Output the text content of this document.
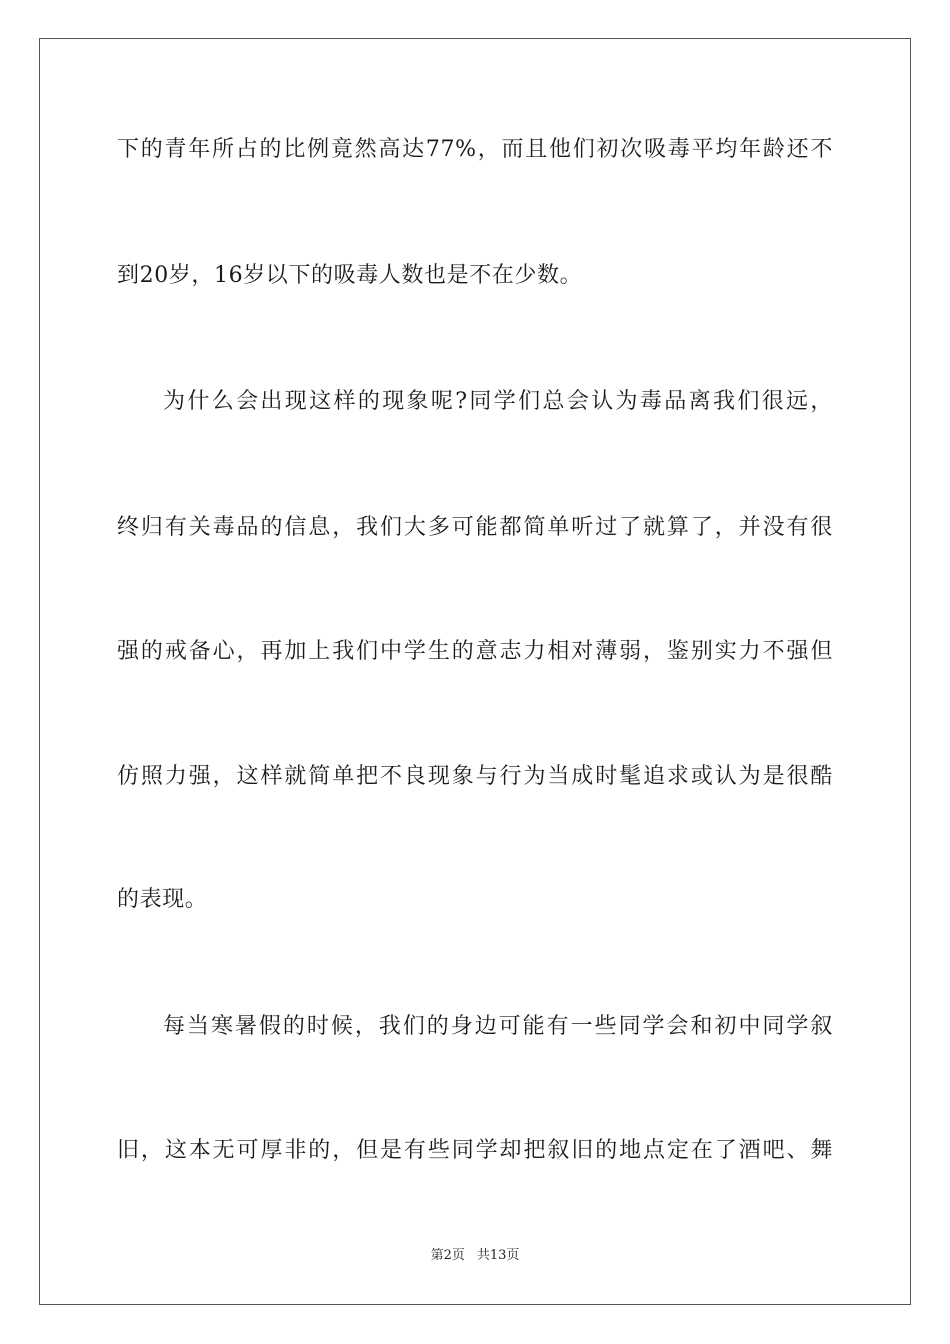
下的青年所占的比例竟然高达77%，而且他们初次吸毒平均年龄还不
到20岁，16岁以下的吸毒人数也是不在少数。
为什么会出现这样的现象呢?同学们总会认为毒品离我们很远，
终归有关毒品的信息，我们大多可能都简单听过了就算了，并没有很
强的戒备心，再加上我们中学生的意志力相对薄弱，鉴别实力不强但
仿照力强，这样就简单把不良现象与行为当成时髦追求或认为是很酷
的表现。
每当寒暑假的时候，我们的身边可能有一些同学会和初中同学叙
旧，这本无可厚非的，但是有些同学却把叙旧的地点定在了酒吧、舞
第2页 共13页
